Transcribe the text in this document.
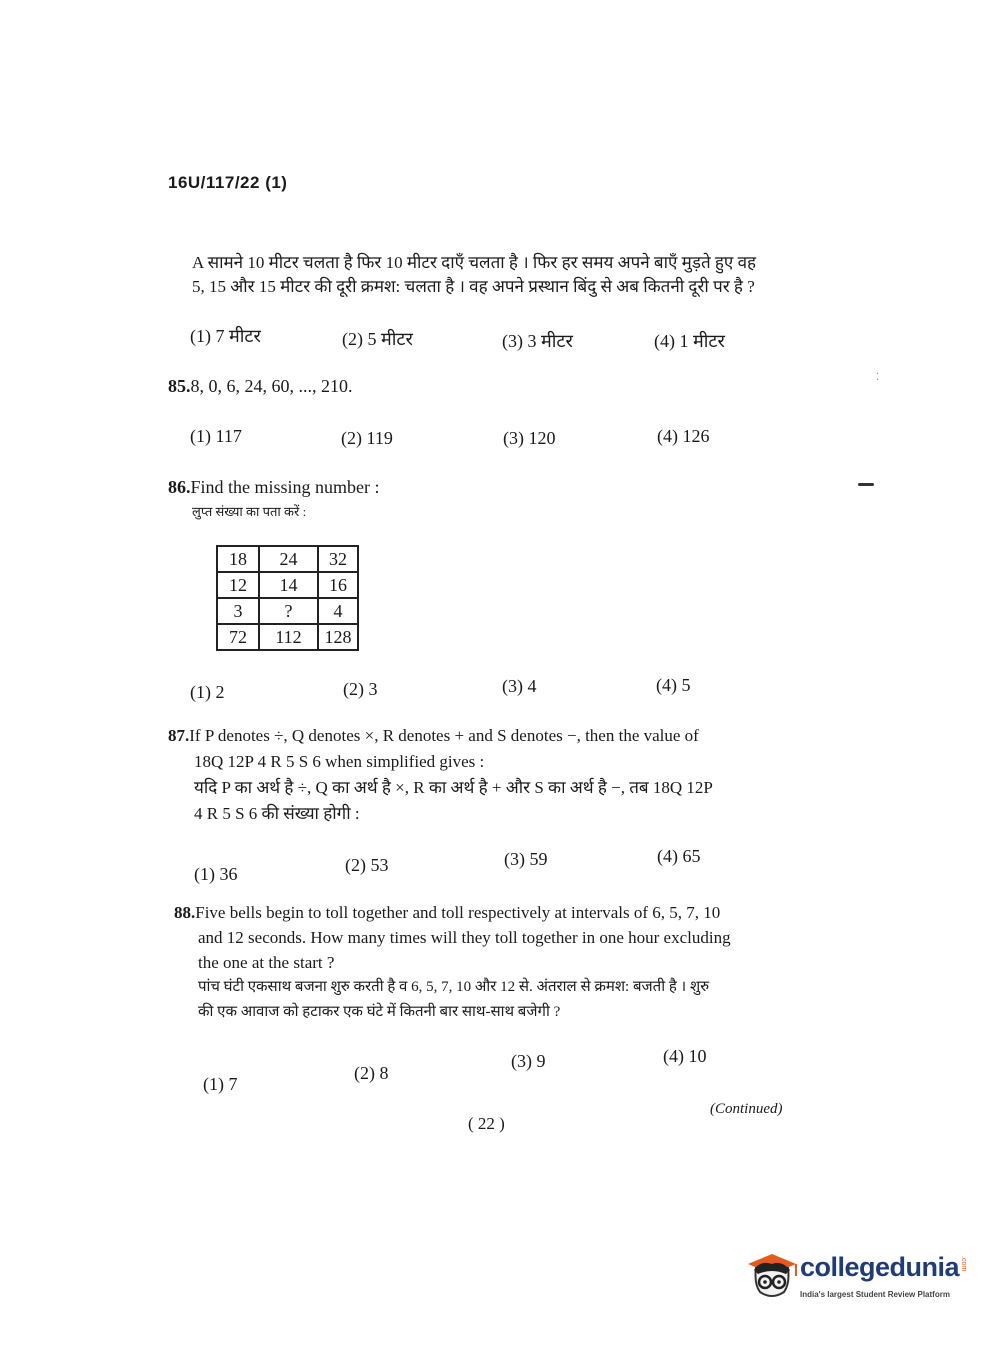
16U/117/22 (1)
A सामने 10 मीटर चलता है फिर 10 मीटर दाएँ चलता है । फिर हर समय अपने बाएँ मुड़ते हुए वह
5, 15 और 15 मीटर की दूरी क्रमश: चलता है । वह अपने प्रस्थान बिंदु से अब कितनी दूरी पर है ?
(1) 7 मीटर	(2) 5 मीटर	(3) 3 मीटर	(4) 1 मीटर
85.8, 0, 6, 24, 60, ..., 210.
(1) 117	(2) 119	(3) 120	(4) 126
86.Find the missing number :
लुप्त संख्या का पता करें :
18	24	32
12	14	16
3	?	4
72	112	128
(1) 2	(2) 3	(3) 4	(4) 5
87.If P denotes ÷, Q denotes ×, R denotes + and S denotes −, then the value of
18Q 12P 4 R 5 S 6 when simplified gives :
यदि P का अर्थ है ÷, Q का अर्थ है ×, R का अर्थ है + और S का अर्थ है −, तब 18Q 12P
4 R 5 S 6 की संख्या होगी :
(1) 36	(2) 53	(3) 59	(4) 65
88.Five bells begin to toll together and toll respectively at intervals of 6, 5, 7, 10
and 12 seconds. How many times will they toll together in one hour excluding
the one at the start ?
पांच घंटी एकसाथ बजना शुरु करती है व 6, 5, 7, 10 और 12 से. अंतराल से क्रमश: बजती है । शुरु
की एक आवाज को हटाकर एक घंटे में कितनी बार साथ-साथ बजेगी ?
(1) 7
(2) 8
(3) 9	(4) 10
(Continued)
( 22 )
⁚
collegedunia .com
India's largest Student Review Platform
